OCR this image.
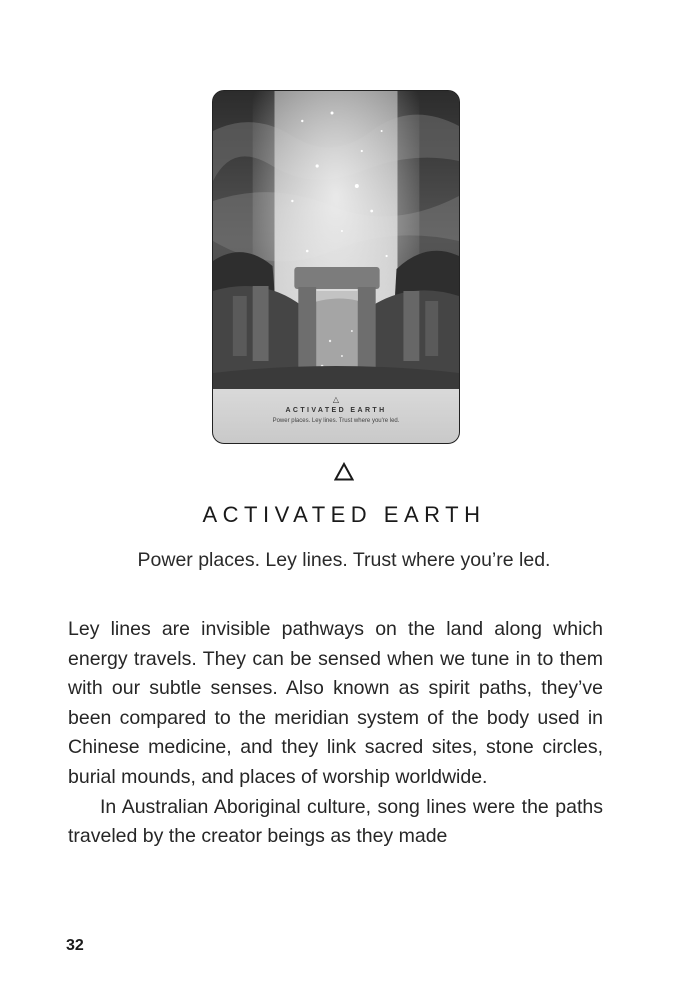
△
ACTIVATED EARTH
Power places. Ley lines. Trust where you're led.
ACTIVATED EARTH
Power places. Ley lines. Trust where you’re led.

Ley lines are invisible pathways on the land along which energy travels. They can be sensed when we tune in to them with our subtle senses. Also known as spirit paths, they’ve been compared to the meridian system of the body used in Chinese medicine, and they link sacred sites, stone circles, burial mounds, and places of worship worldwide.

In Australian Aboriginal culture, song lines were the paths traveled by the creator beings as they made

32
